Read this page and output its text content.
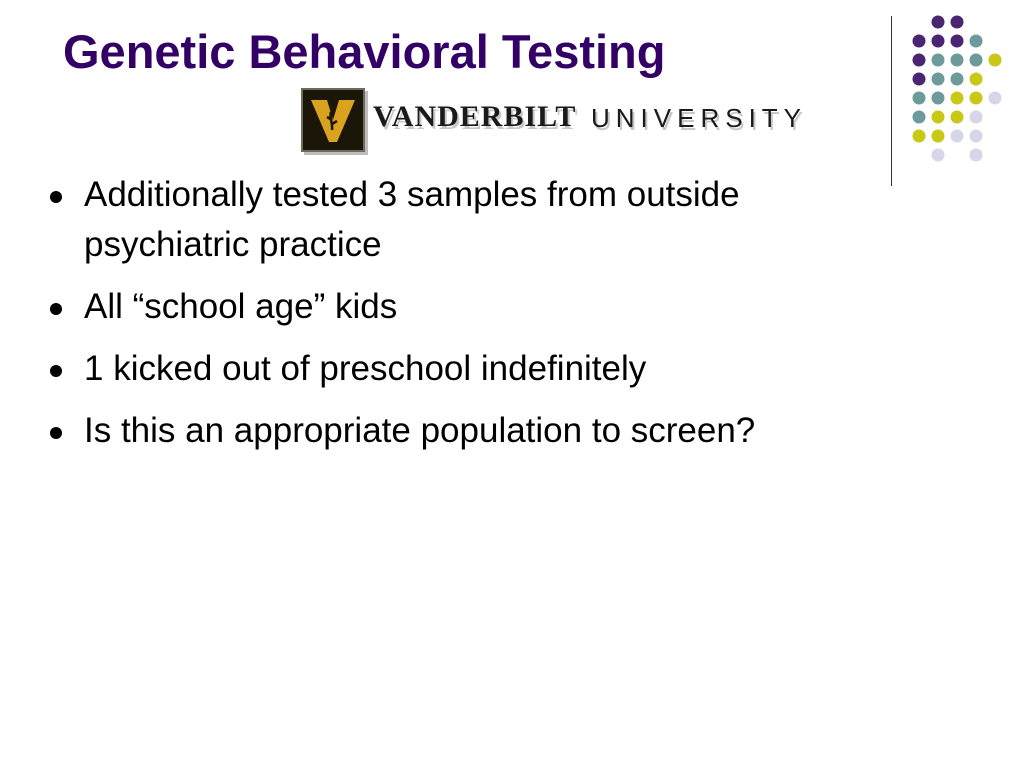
Genetic Behavioral Testing
VANDERBILT UNIVERSITY
Additionally tested 3 samples from outside psychiatric practice
All “school age” kids
1 kicked out of preschool indefinitely
Is this an appropriate population to screen?
